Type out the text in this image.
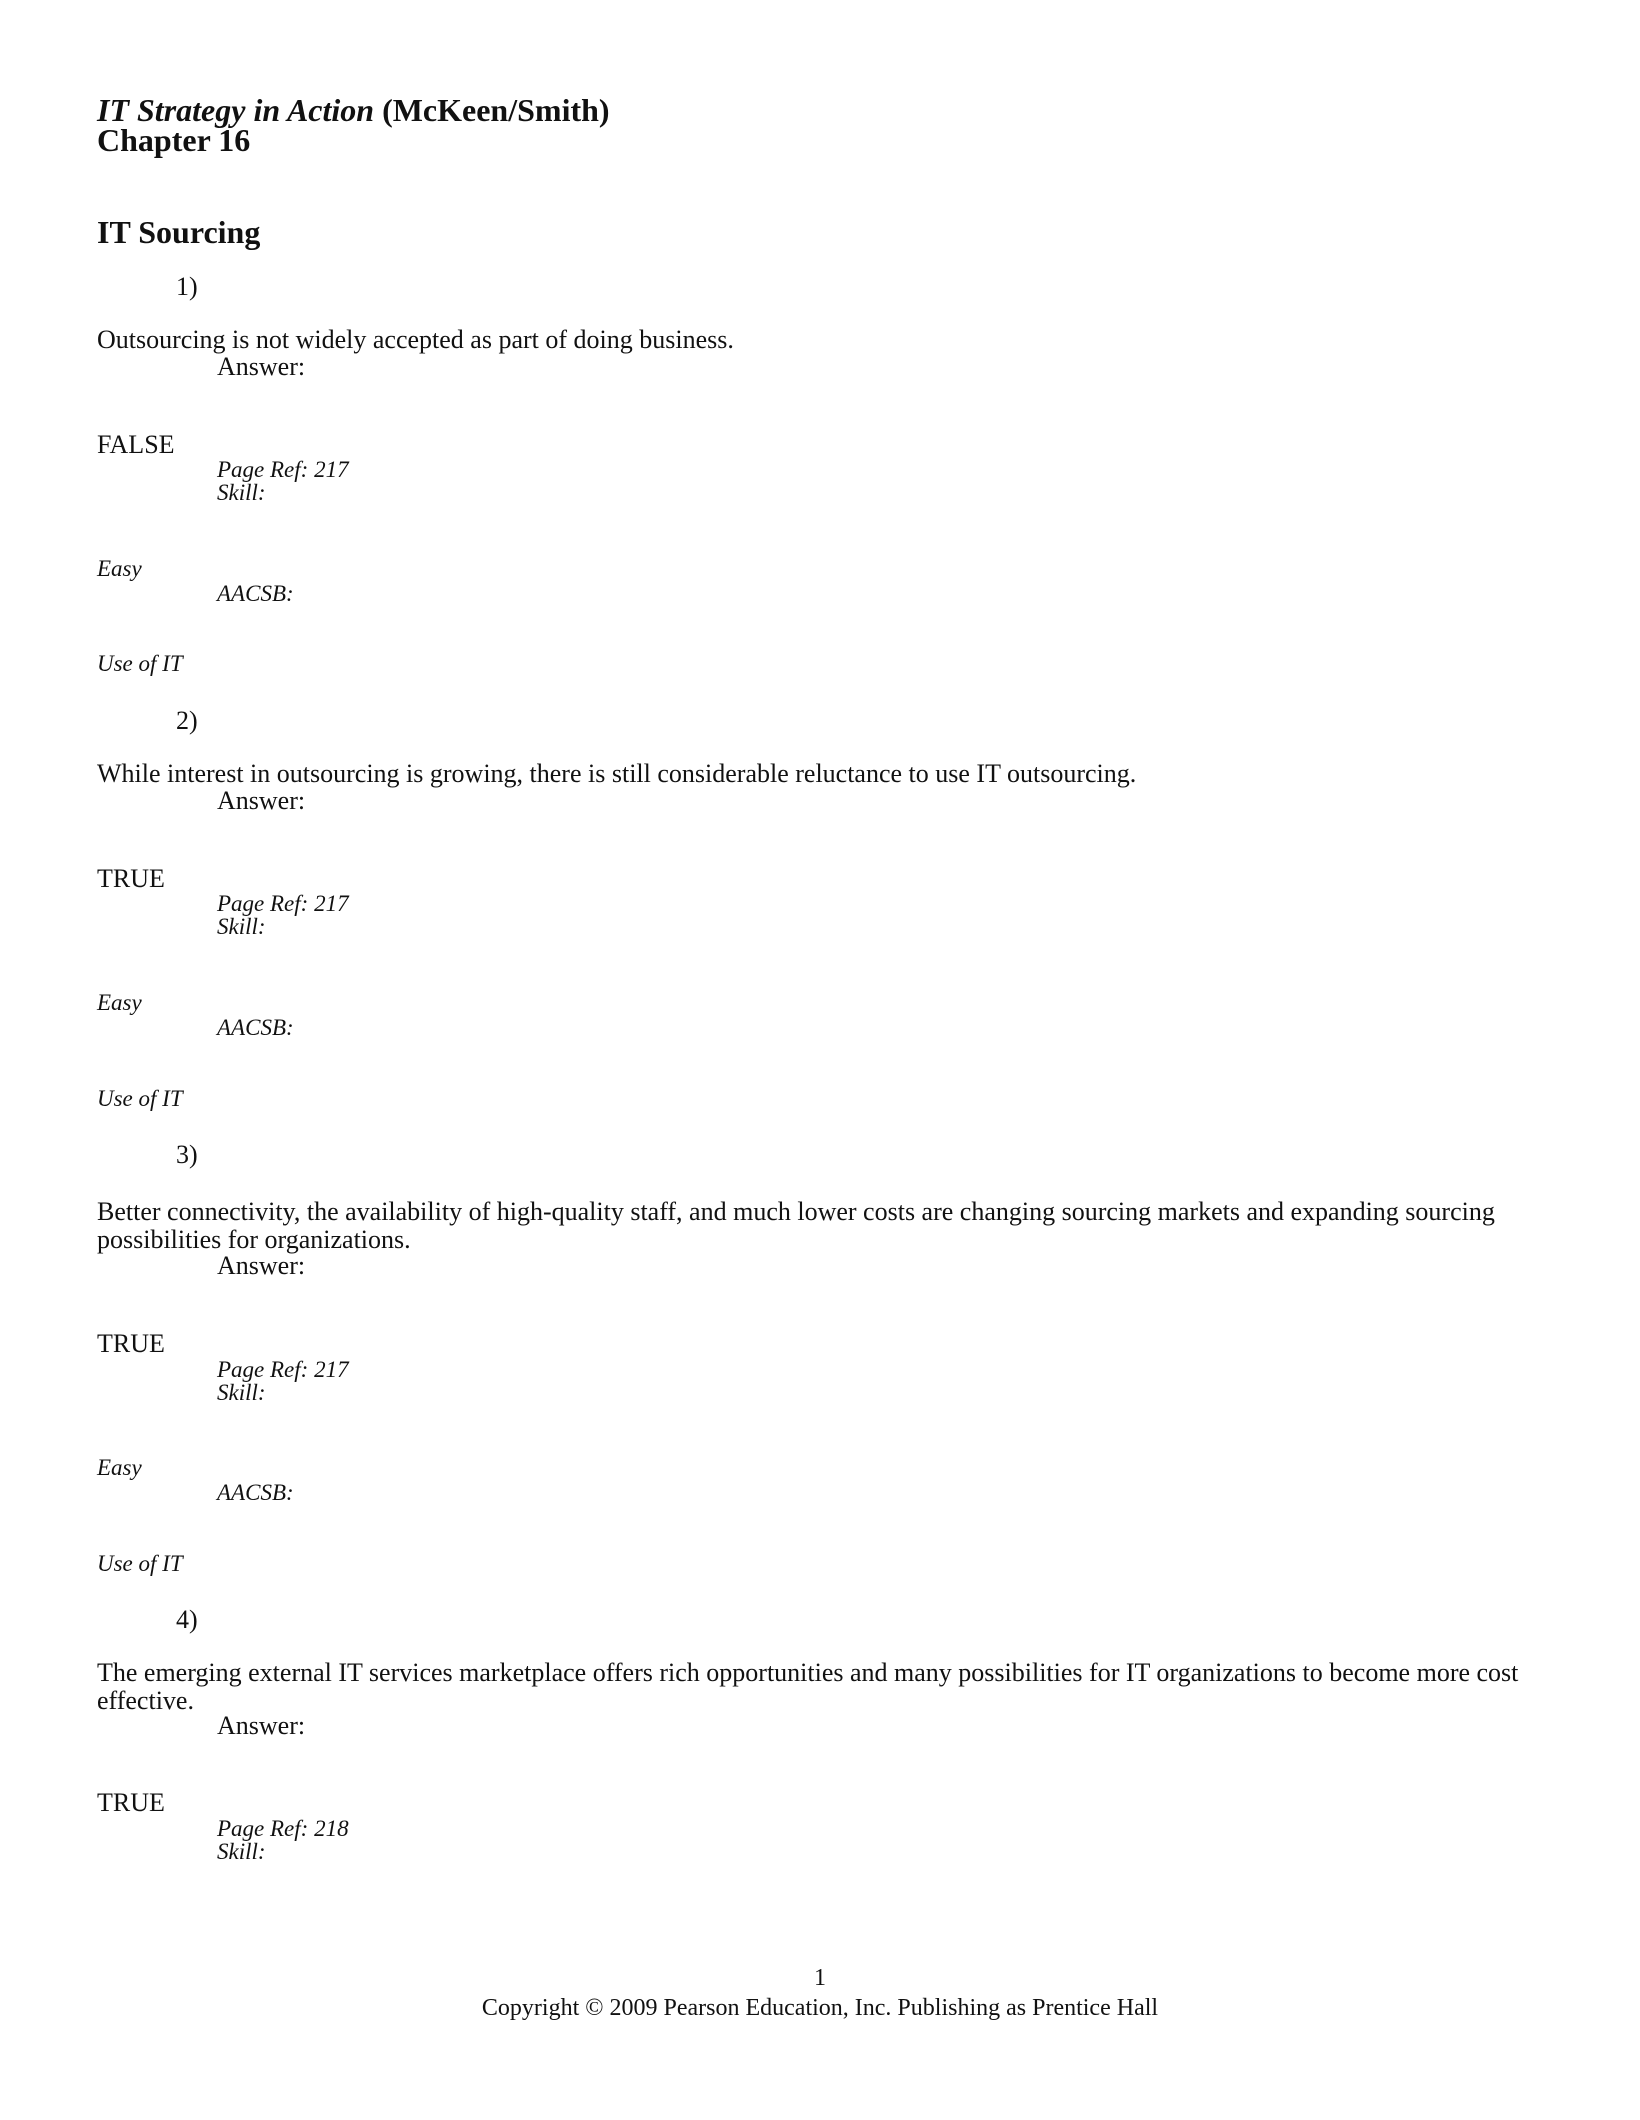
IT Strategy in Action (McKeen/Smith)
Chapter 16
IT Sourcing
1)
Outsourcing is not widely accepted as part of doing business.
Answer:
FALSE
Page Ref: 217
Skill:
Easy
AACSB:
Use of IT
2)
While interest in outsourcing is growing, there is still considerable reluctance to use IT outsourcing.
Answer:
TRUE
Page Ref: 217
Skill:
Easy
AACSB:
Use of IT
3)
Better connectivity, the availability of high-quality staff, and much lower costs are changing sourcing markets and expanding sourcing possibilities for organizations.
Answer:
TRUE
Page Ref: 217
Skill:
Easy
AACSB:
Use of IT
4)
The emerging external IT services marketplace offers rich opportunities and many possibilities for IT organizations to become more cost effective.
Answer:
TRUE
Page Ref: 218
Skill:
1
Copyright © 2009 Pearson Education, Inc. Publishing as Prentice Hall
